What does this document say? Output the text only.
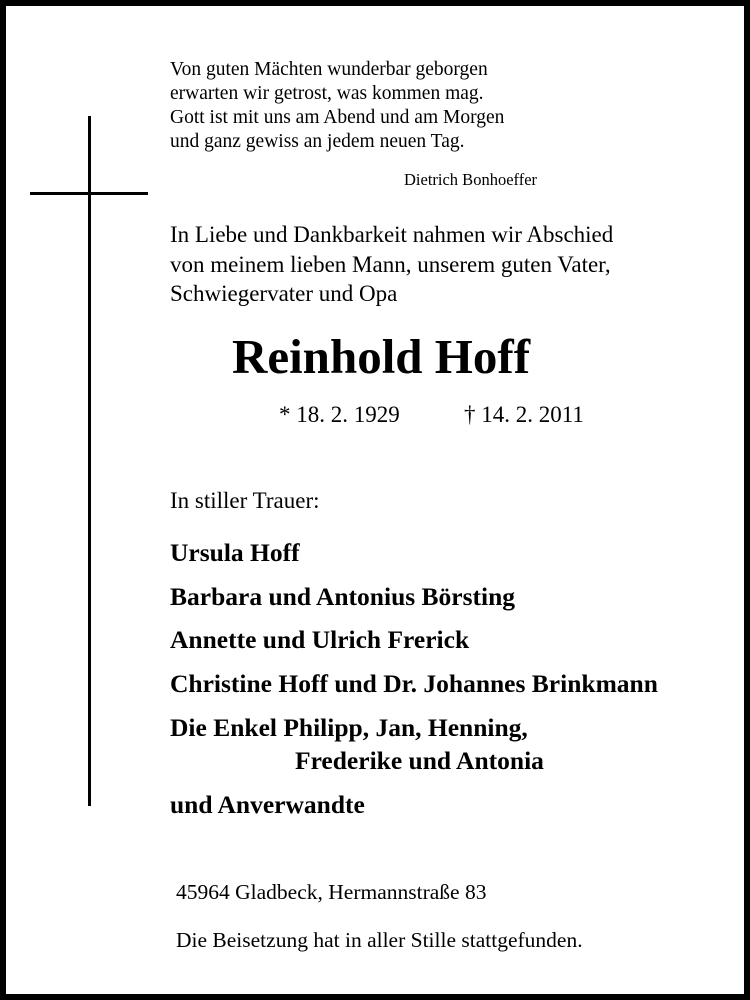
Von guten Mächten wunderbar geborgen
erwarten wir getrost, was kommen mag.
Gott ist mit uns am Abend und am Morgen
und ganz gewiss an jedem neuen Tag.
Dietrich Bonhoeffer
In Liebe und Dankbarkeit nahmen wir Abschied
von meinem lieben Mann, unserem guten Vater,
Schwiegervater und Opa
Reinhold Hoff
* 18. 2. 1929	† 14. 2. 2011
In stiller Trauer:
Ursula Hoff
Barbara und Antonius Börsting
Annette und Ulrich Frerick
Christine Hoff und Dr. Johannes Brinkmann
Die Enkel Philipp, Jan, Henning,
Frederike und Antonia
und Anverwandte
45964 Gladbeck, Hermannstraße 83
Die Beisetzung hat in aller Stille stattgefunden.
